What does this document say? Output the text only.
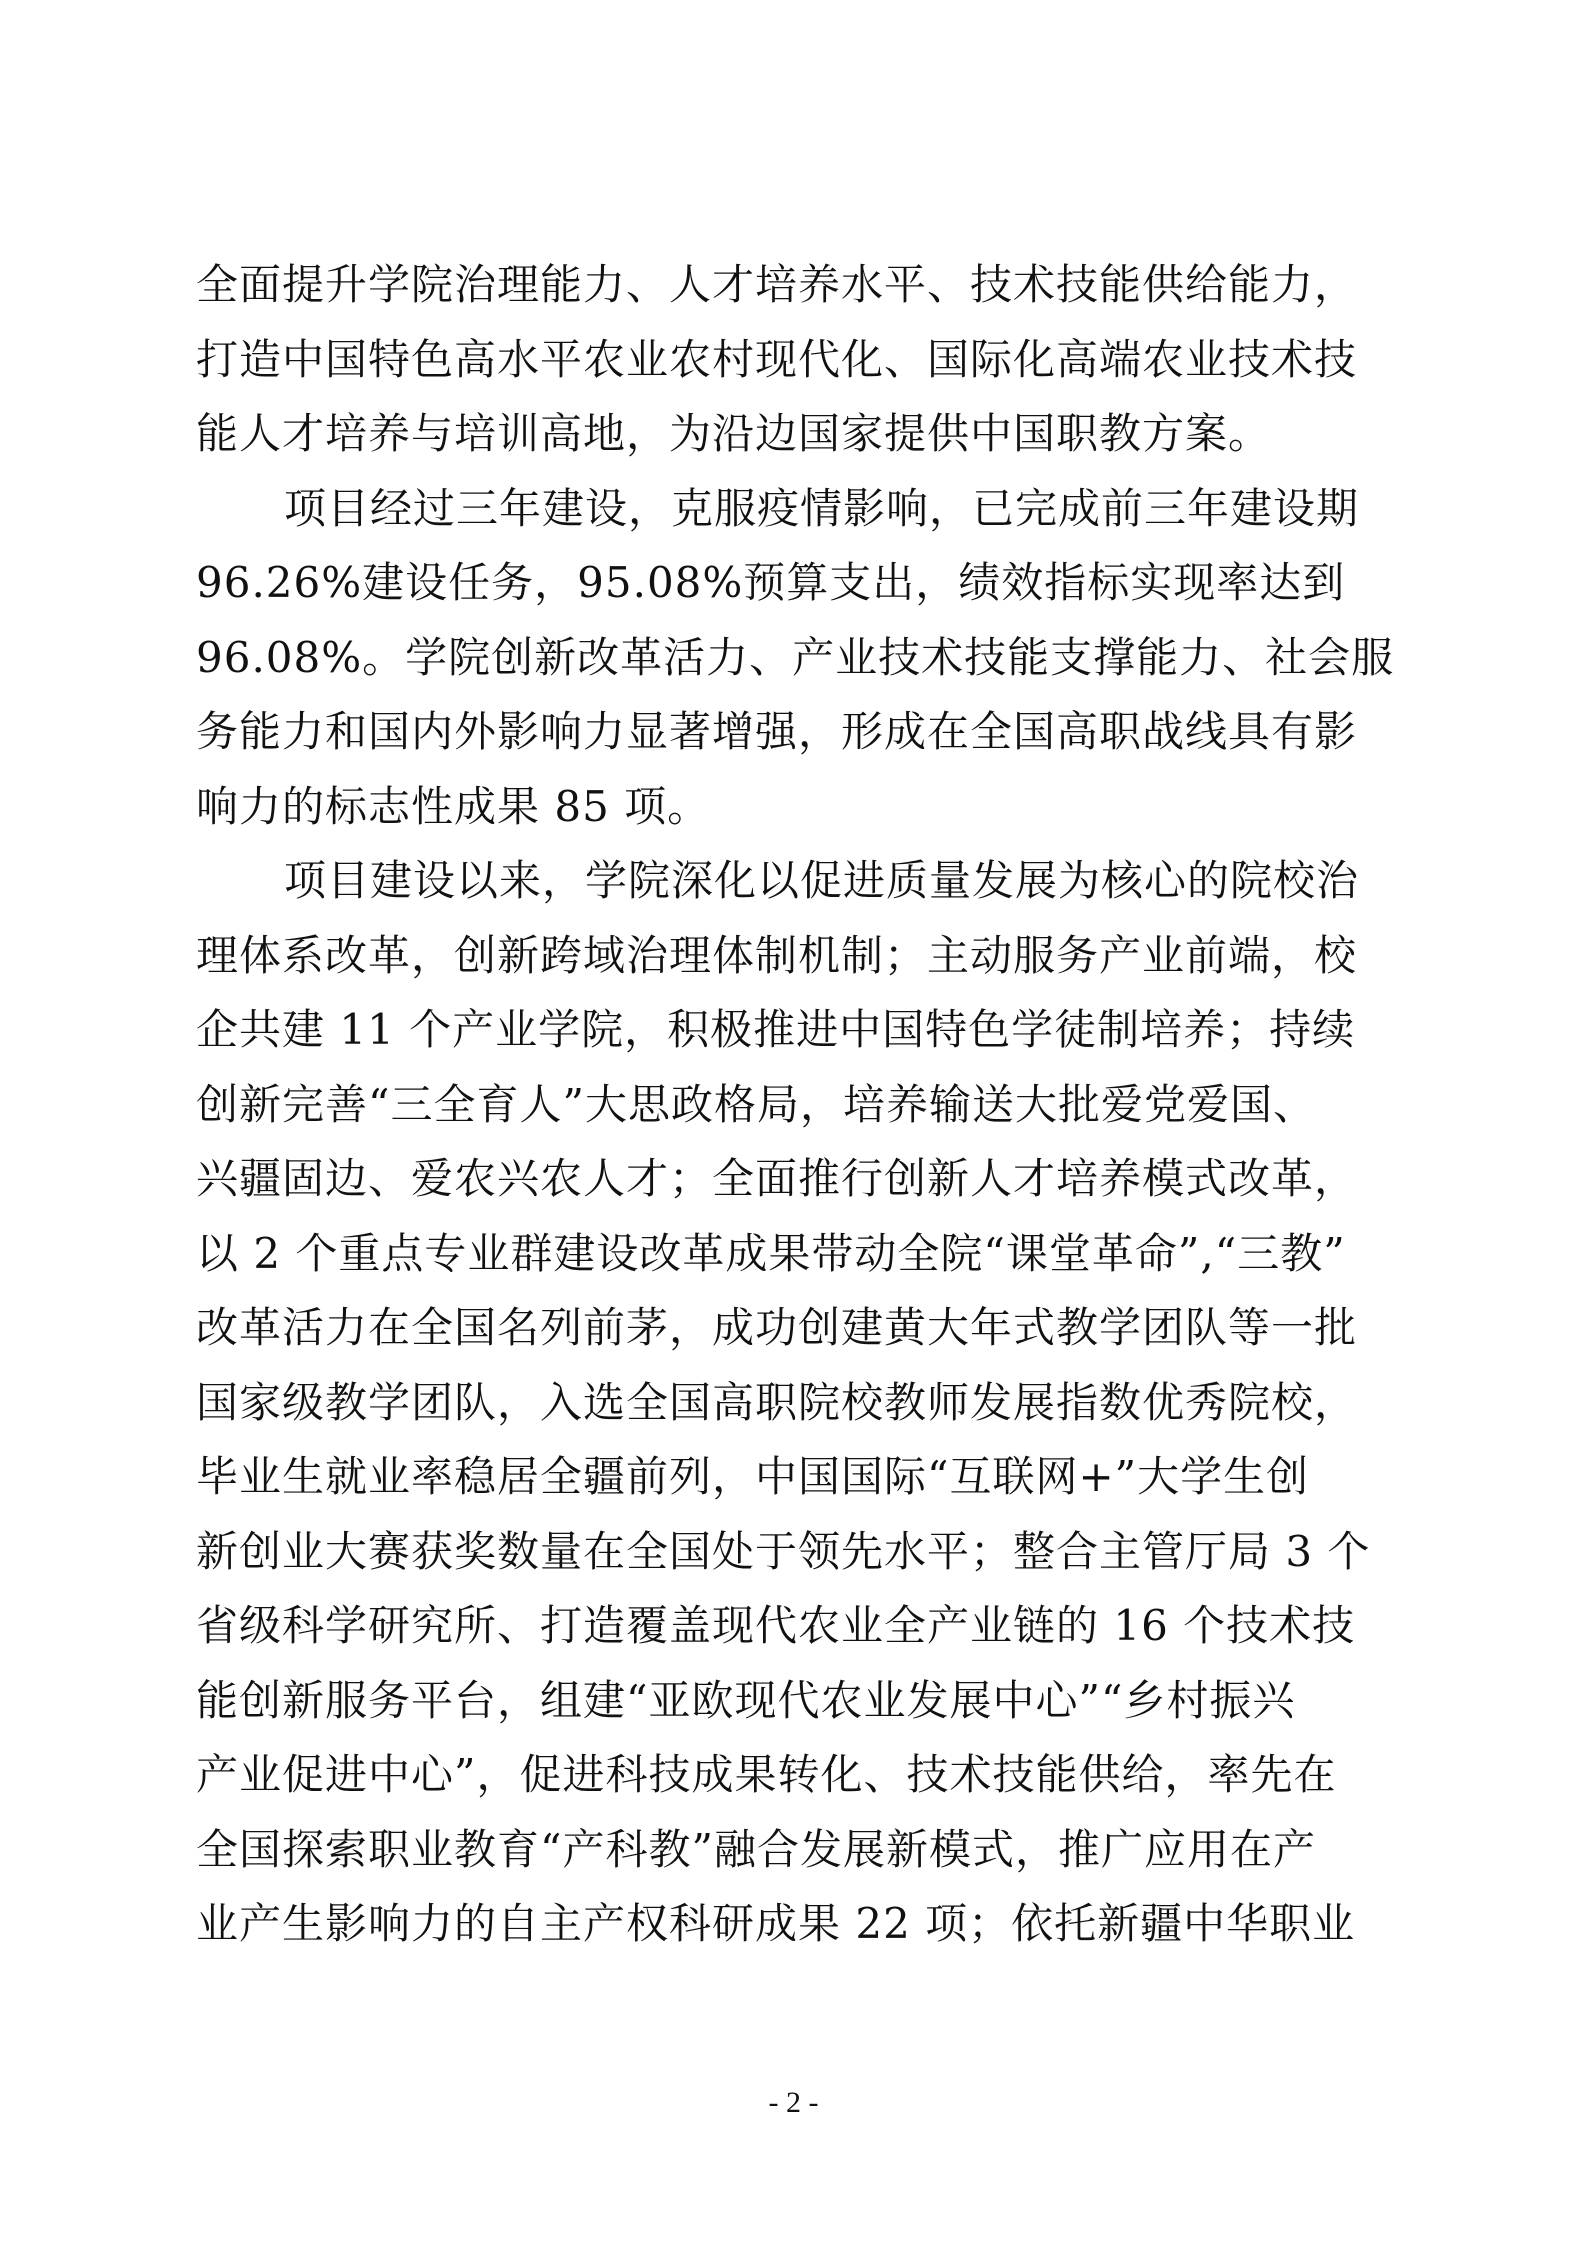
全面提升学院治理能力、人才培养水平、技术技能供给能力，
打造中国特色高水平农业农村现代化、国际化高端农业技术技
能人才培养与培训高地，为沿边国家提供中国职教方案。
项目经过三年建设，克服疫情影响，已完成前三年建设期
96.26%建设任务，95.08%预算支出，绩效指标实现率达到
96.08%。学院创新改革活力、产业技术技能支撑能力、社会服
务能力和国内外影响力显著增强，形成在全国高职战线具有影
响力的标志性成果 85 项。
项目建设以来，学院深化以促进质量发展为核心的院校治
理体系改革，创新跨域治理体制机制；主动服务产业前端，校
企共建 11 个产业学院，积极推进中国特色学徒制培养；持续
创新完善“三全育人”大思政格局，培养输送大批爱党爱国、
兴疆固边、爱农兴农人才；全面推行创新人才培养模式改革，
以 2 个重点专业群建设改革成果带动全院“课堂革命”,“三教”
改革活力在全国名列前茅，成功创建黄大年式教学团队等一批
国家级教学团队，入选全国高职院校教师发展指数优秀院校，
毕业生就业率稳居全疆前列，中国国际“互联网+”大学生创
新创业大赛获奖数量在全国处于领先水平；整合主管厅局 3 个
省级科学研究所、打造覆盖现代农业全产业链的 16 个技术技
能创新服务平台，组建“亚欧现代农业发展中心”“乡村振兴
产业促进中心”，促进科技成果转化、技术技能供给，率先在
全国探索职业教育“产科教”融合发展新模式，推广应用在产
业产生影响力的自主产权科研成果 22 项；依托新疆中华职业
- 2 -
